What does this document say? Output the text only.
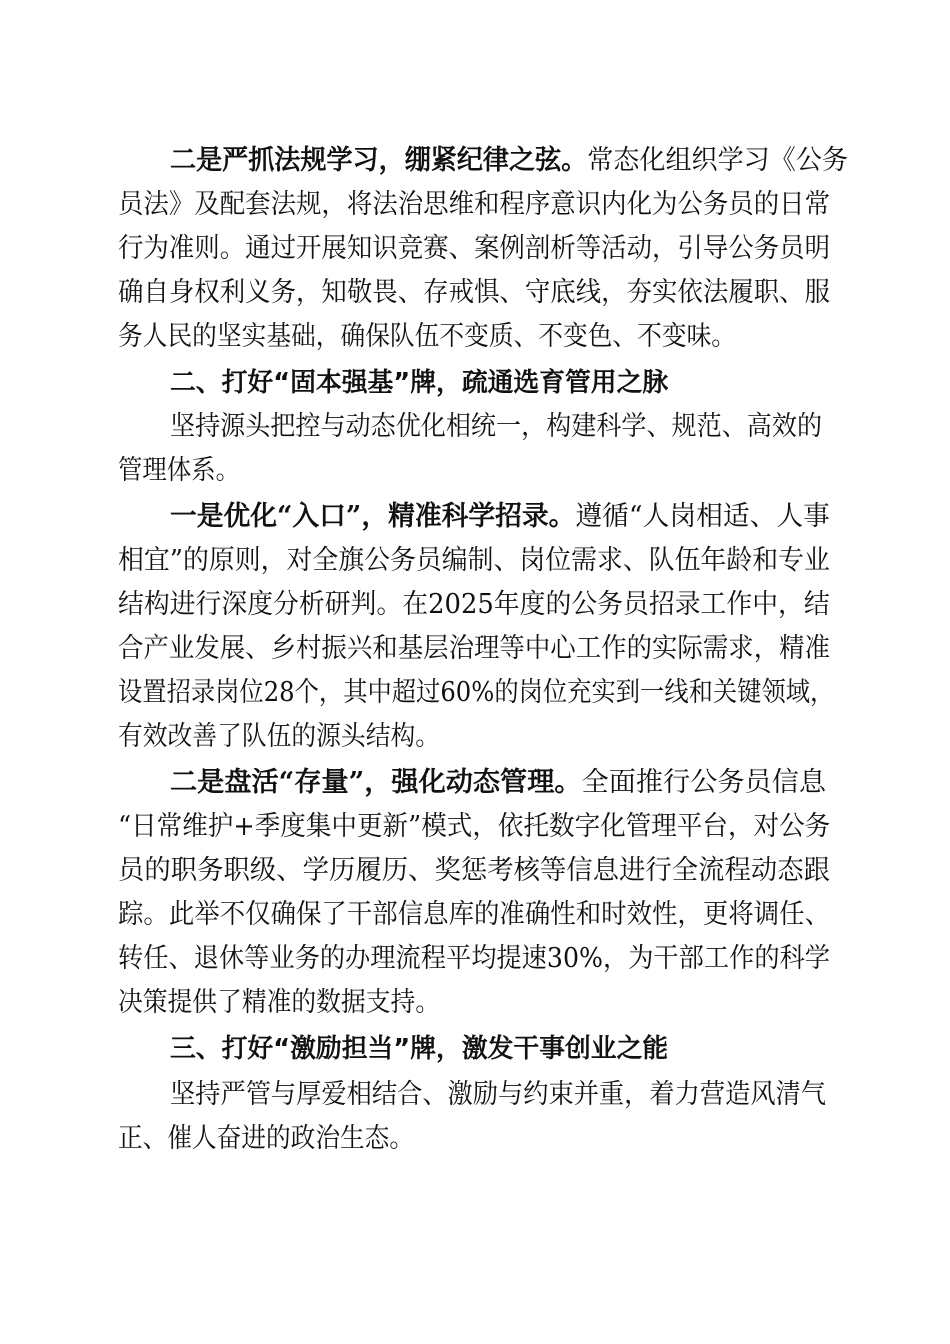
二是严抓法规学习，绷紧纪律之弦。常态化组织学习《公务
员法》及配套法规，将法治思维和程序意识内化为公务员的日常
行为准则。通过开展知识竞赛、案例剖析等活动，引导公务员明
确自身权利义务，知敬畏、存戒惧、守底线，夯实依法履职、服
务人民的坚实基础，确保队伍不变质、不变色、不变味。
二、打好“固本强基”牌，疏通选育管用之脉
坚持源头把控与动态优化相统一，构建科学、规范、高效的
管理体系。
一是优化“入口”，精准科学招录。遵循“人岗相适、人事
相宜”的原则，对全旗公务员编制、岗位需求、队伍年龄和专业
结构进行深度分析研判。在2025年度的公务员招录工作中，结
合产业发展、乡村振兴和基层治理等中心工作的实际需求，精准
设置招录岗位28个，其中超过60%的岗位充实到一线和关键领域，
有效改善了队伍的源头结构。
二是盘活“存量”，强化动态管理。全面推行公务员信息
“日常维护+季度集中更新”模式，依托数字化管理平台，对公务
员的职务职级、学历履历、奖惩考核等信息进行全流程动态跟
踪。此举不仅确保了干部信息库的准确性和时效性，更将调任、
转任、退休等业务的办理流程平均提速30%，为干部工作的科学
决策提供了精准的数据支持。
三、打好“激励担当”牌，激发干事创业之能
坚持严管与厚爱相结合、激励与约束并重，着力营造风清气
正、催人奋进的政治生态。
